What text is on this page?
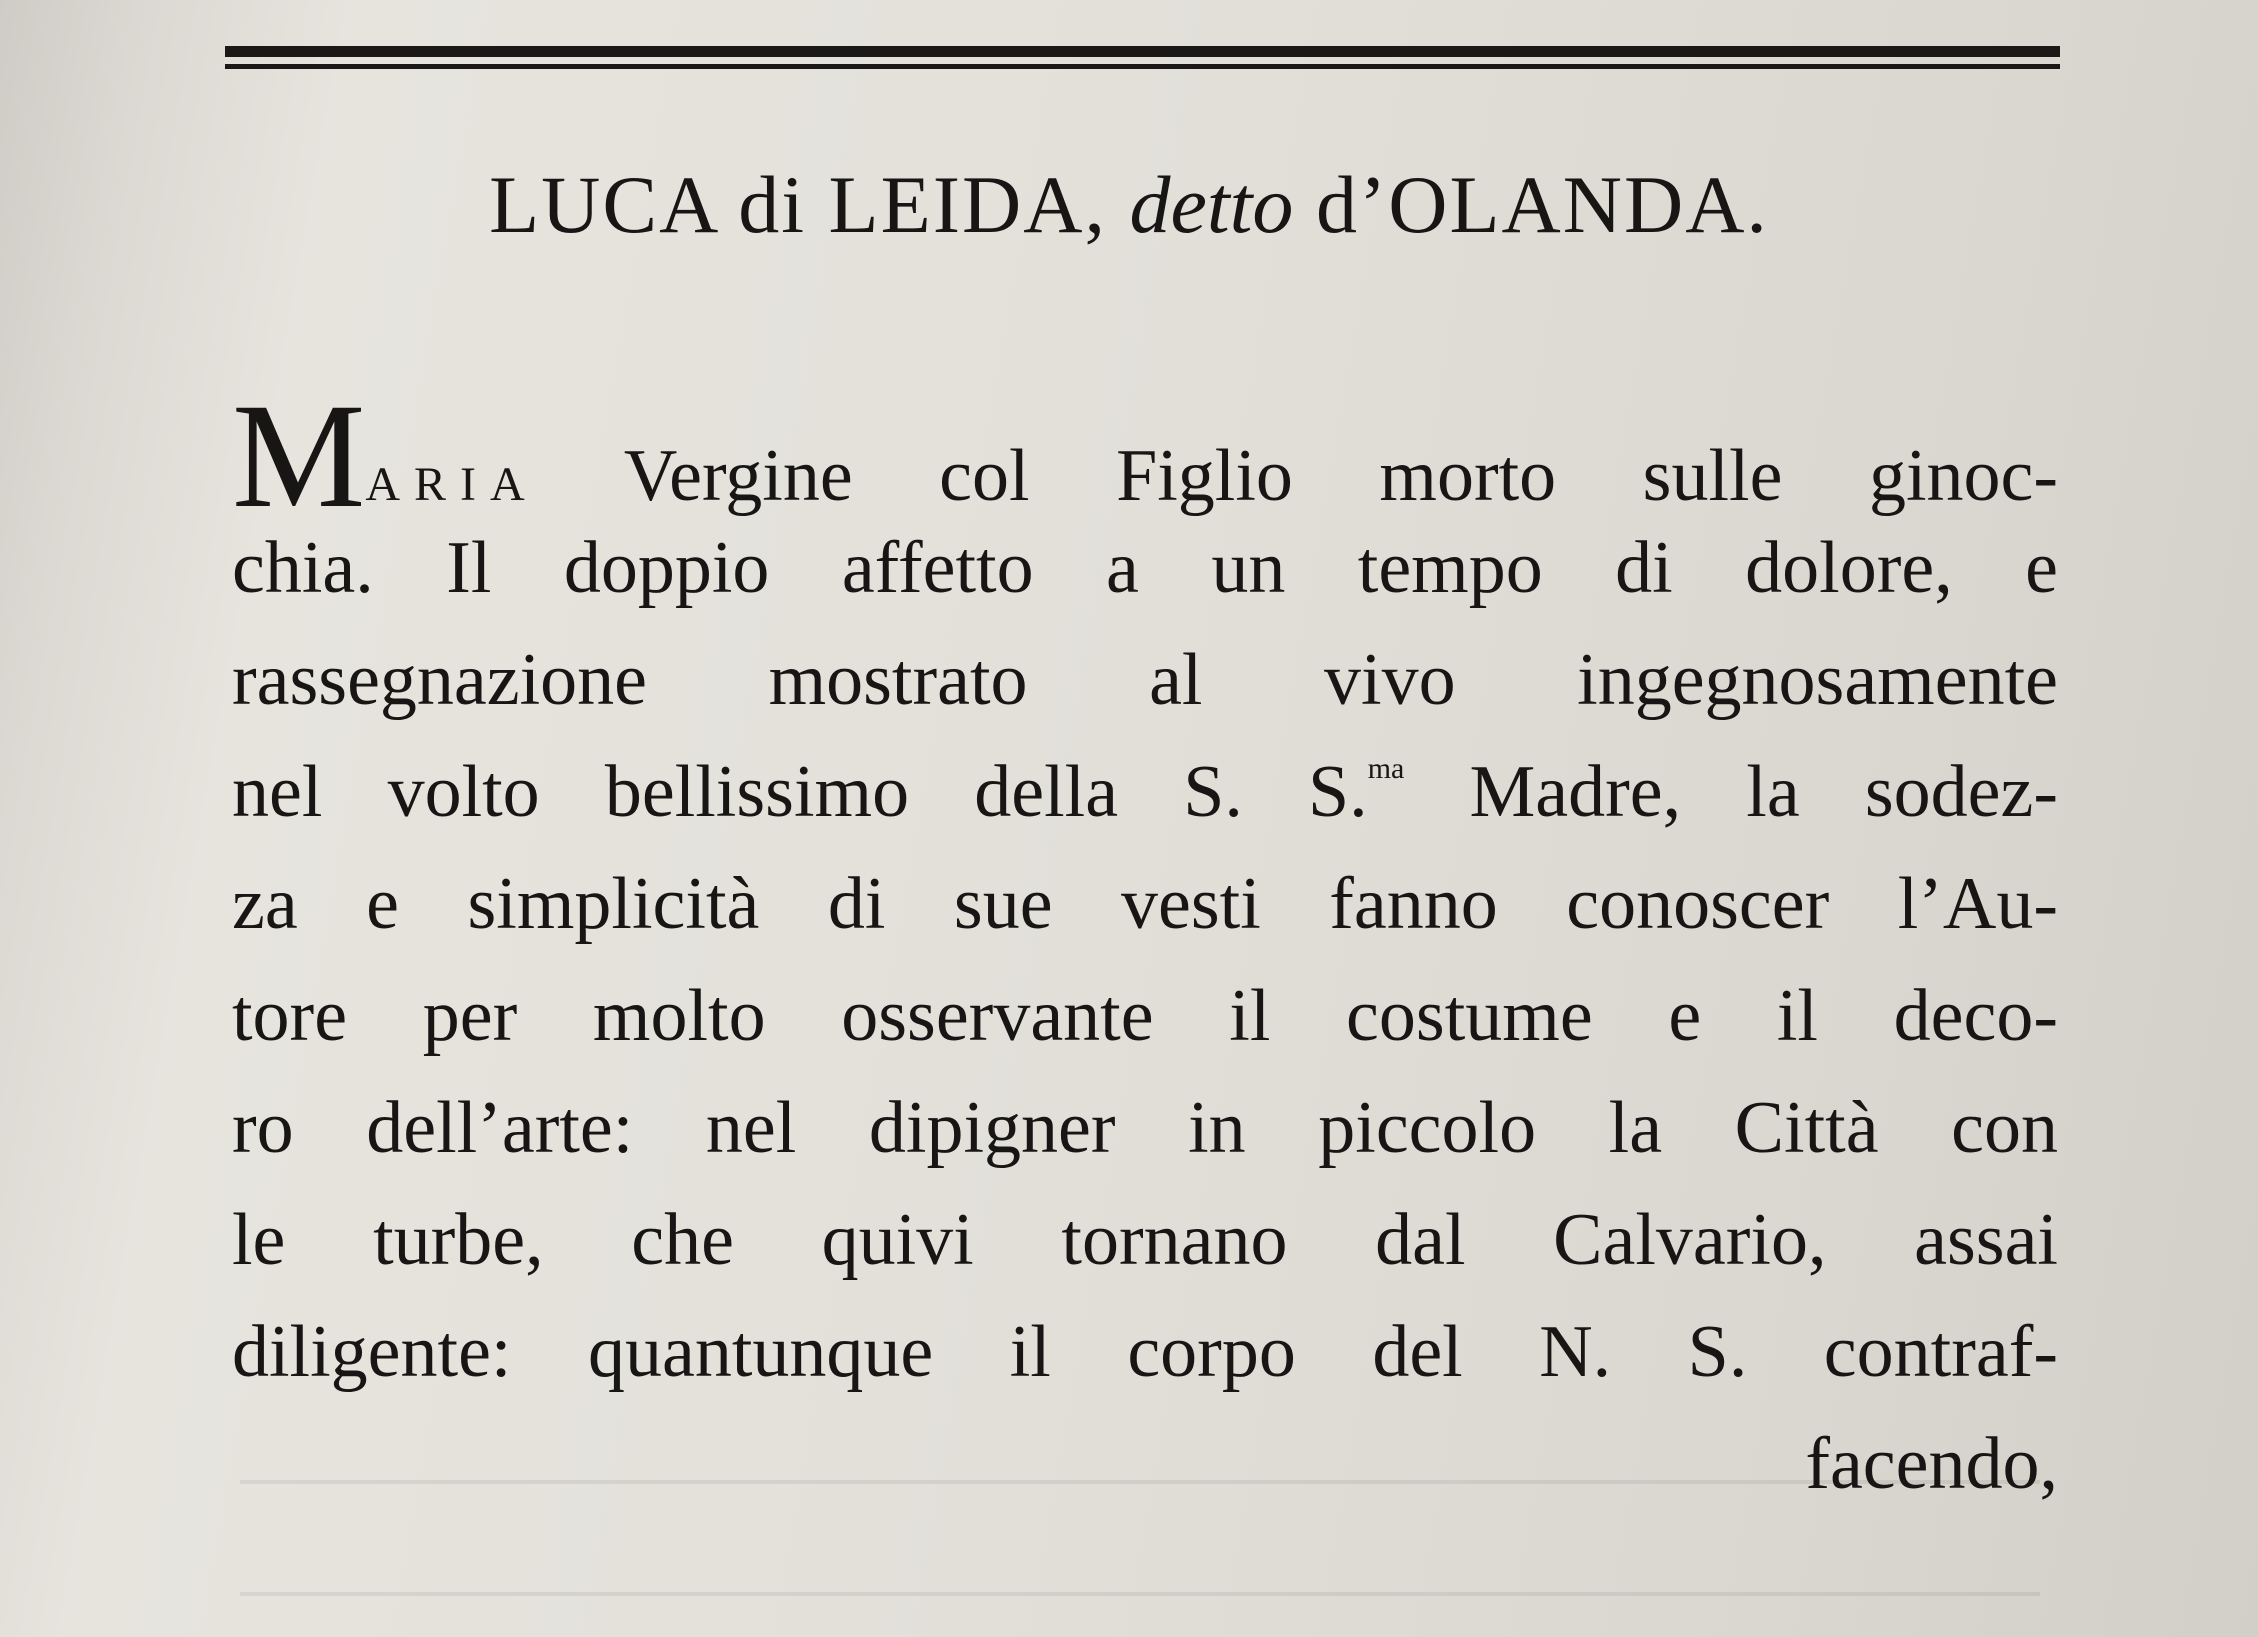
LUCA di LEIDA, detto d’OLANDA.
MARIA Vergine col Figlio morto sulle ginoc-
chia. Il doppio affetto a un tempo di dolore, e
rassegnazione mostrato al vivo ingegnosamente
nel volto bellissimo della S. S.$^{ma}$ Madre, la sodez-
za e simplicità di sue vesti fanno conoscer l’Au-
tore per molto osservante il costume e il deco-
ro dell’arte: nel dipigner in piccolo la Città con
le turbe, che quivi tornano dal Calvario, assai
diligente: quantunque il corpo del N. S. contraf-
facendo,
